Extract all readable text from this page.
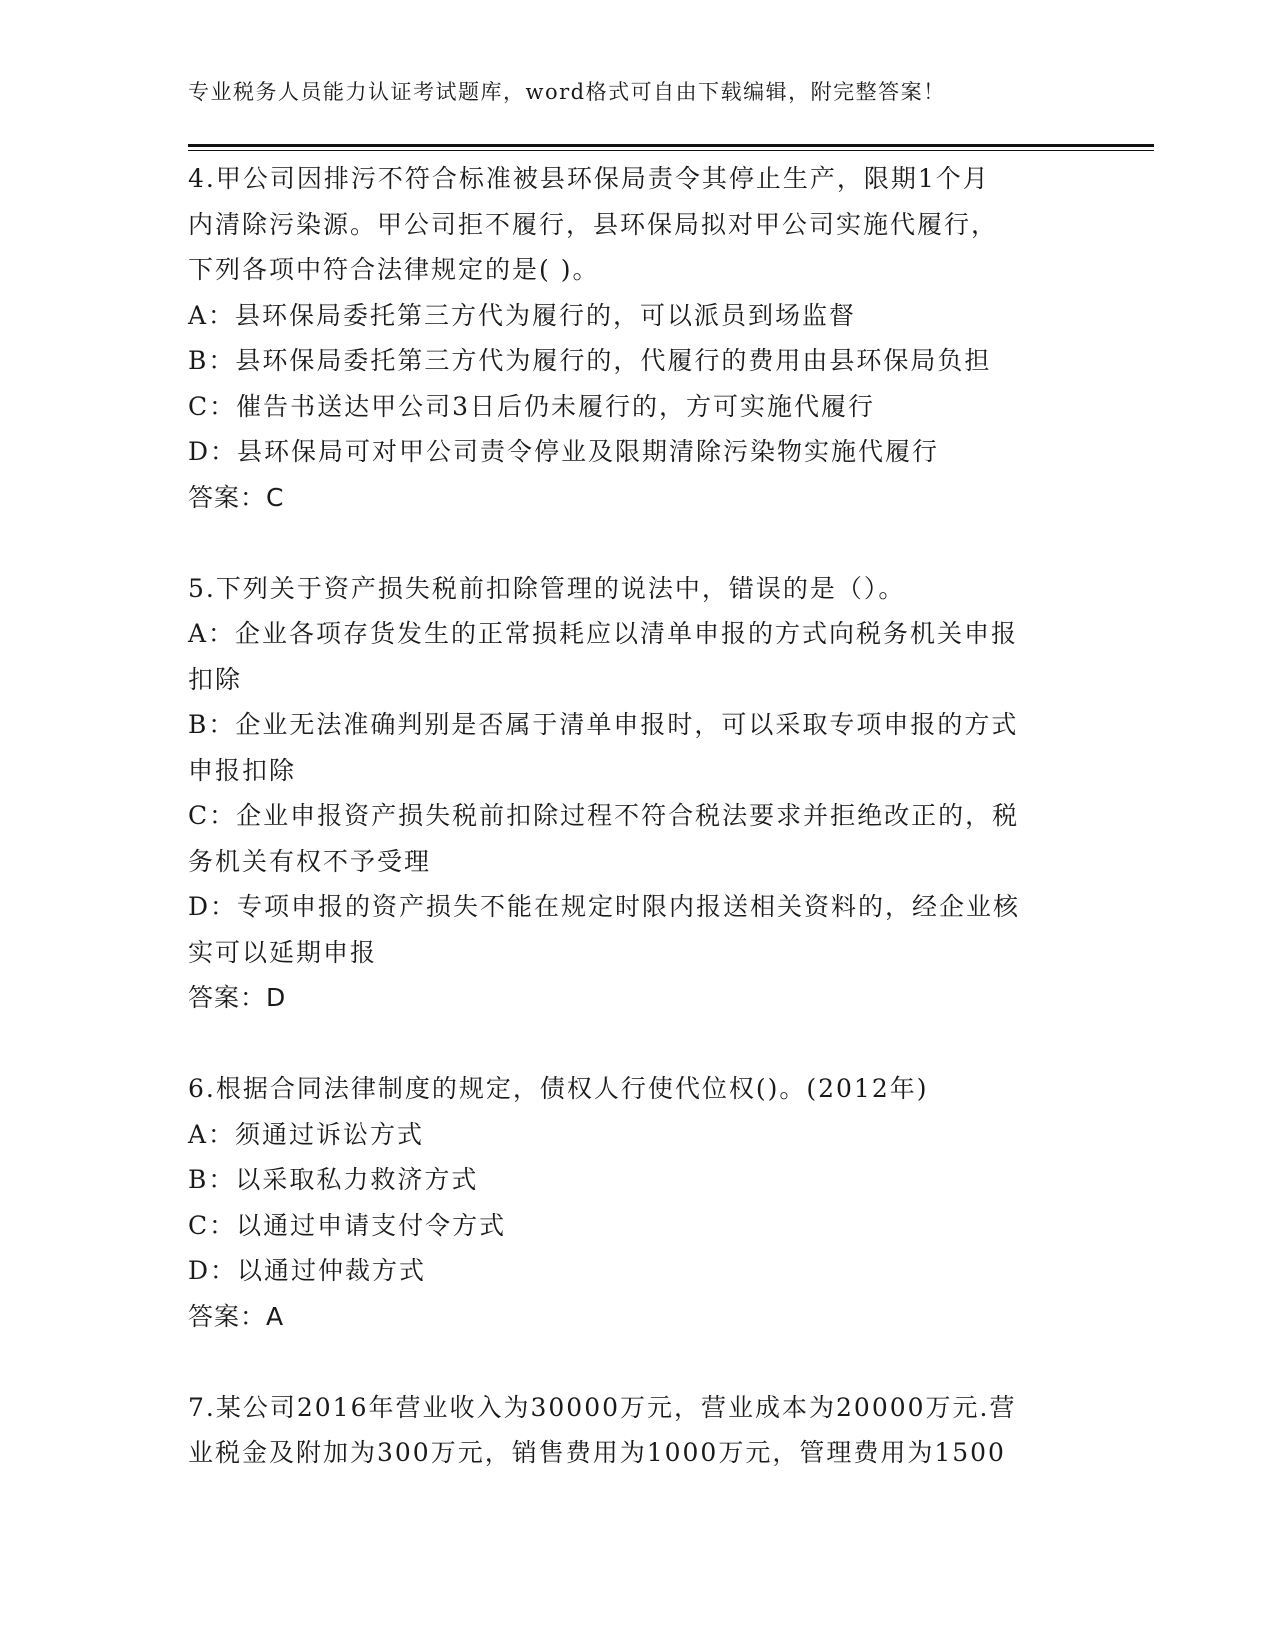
专业税务人员能力认证考试题库，word格式可自由下载编辑，附完整答案！
4.甲公司因排污不符合标准被县环保局责令其停止生产，限期1个月
内清除污染源。甲公司拒不履行，县环保局拟对甲公司实施代履行，
下列各项中符合法律规定的是( )。
A：县环保局委托第三方代为履行的，可以派员到场监督
B：县环保局委托第三方代为履行的，代履行的费用由县环保局负担
C：催告书送达甲公司3日后仍未履行的，方可实施代履行
D：县环保局可对甲公司责令停业及限期清除污染物实施代履行
答案：C
5.下列关于资产损失税前扣除管理的说法中，错误的是（）。
A：企业各项存货发生的正常损耗应以清单申报的方式向税务机关申报
扣除
B：企业无法准确判别是否属于清单申报时，可以采取专项申报的方式
申报扣除
C：企业申报资产损失税前扣除过程不符合税法要求并拒绝改正的，税
务机关有权不予受理
D：专项申报的资产损失不能在规定时限内报送相关资料的，经企业核
实可以延期申报
答案：D
6.根据合同法律制度的规定，债权人行使代位权()。(2012年)
A：须通过诉讼方式
B：以采取私力救济方式
C：以通过申请支付令方式
D：以通过仲裁方式
答案：A
7.某公司2016年营业收入为30000万元，营业成本为20000万元.营
业税金及附加为300万元，销售费用为1000万元，管理费用为1500
